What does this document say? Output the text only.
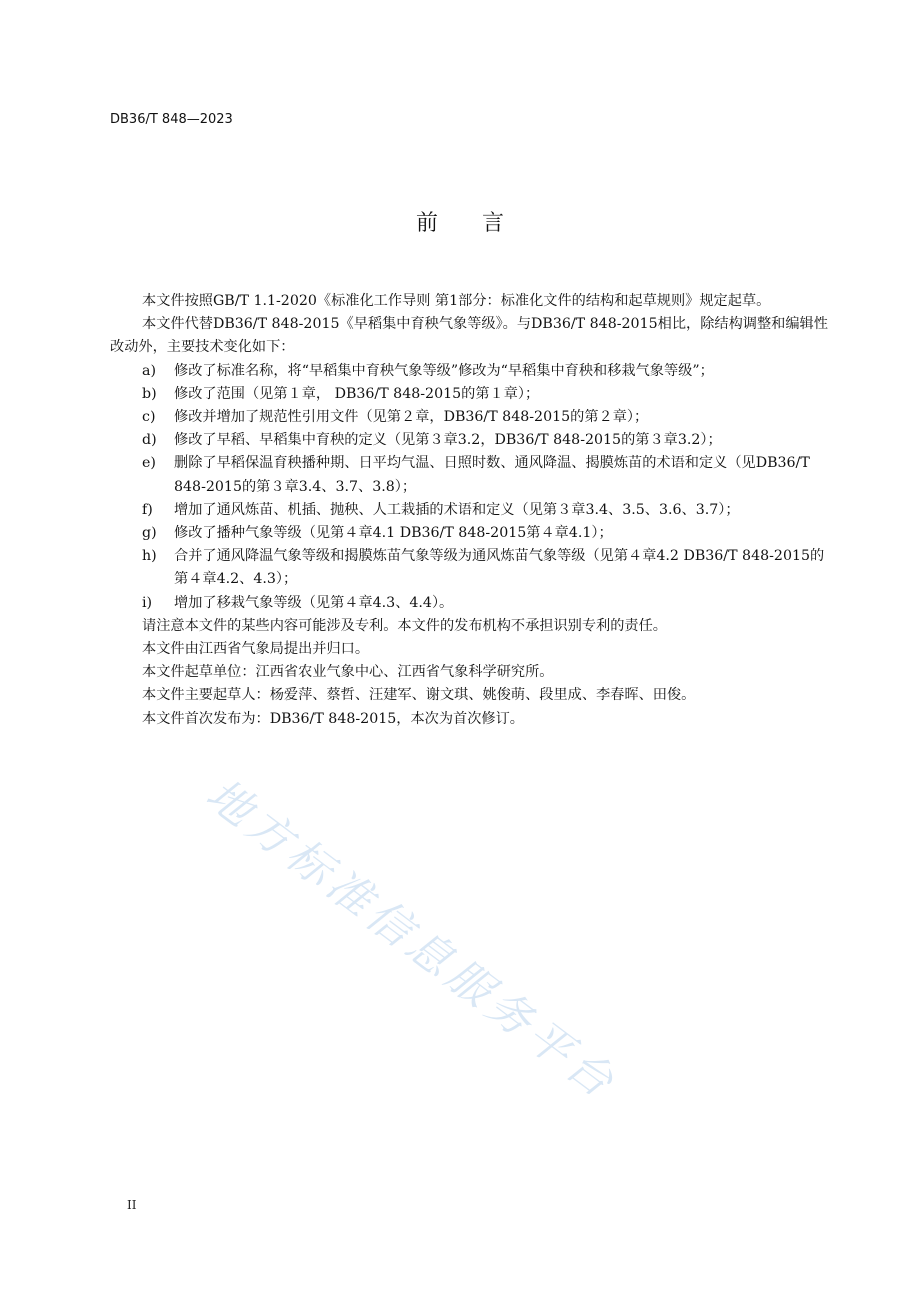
DB36/T 848—2023
前　　言

本文件按照GB/T 1.1-2020《标准化工作导则 第1部分：标准化文件的结构和起草规则》规定起草。

本文件代替DB36/T 848-2015《早稻集中育秧气象等级》。与DB36/T 848-2015相比，除结构调整和编辑性改动外，主要技术变化如下：

a)	修改了标准名称，将“早稻集中育秧气象等级”修改为“早稻集中育秧和移栽气象等级”；
b)	修改了范围（见第１章， DB36/T 848-2015的第１章）；
c)	修改并增加了规范性引用文件（见第２章，DB36/T 848-2015的第２章）；
d)	修改了早稻、早稻集中育秧的定义（见第３章3.2，DB36/T 848-2015的第３章3.2）；
e)	删除了早稻保温育秧播种期、日平均气温、日照时数、通风降温、揭膜炼苗的术语和定义（见DB36/T 848-2015的第３章3.4、3.7、3.8）；
f)	增加了通风炼苗、机插、抛秧、人工栽插的术语和定义（见第３章3.4、3.5、3.6、3.7）；
g)	修改了播种气象等级（见第４章4.1 DB36/T 848-2015第４章4.1）；
h)	合并了通风降温气象等级和揭膜炼苗气象等级为通风炼苗气象等级（见第４章4.2 DB36/T 848-2015的第４章4.2、4.3）；
i)	增加了移栽气象等级（见第４章4.3、4.4）。

请注意本文件的某些内容可能涉及专利。本文件的发布机构不承担识别专利的责任。

本文件由江西省气象局提出并归口。

本文件起草单位：江西省农业气象中心、江西省气象科学研究所。

本文件主要起草人：杨爱萍、蔡哲、汪建军、谢文琪、姚俊萌、段里成、李春晖、田俊。

本文件首次发布为：DB36/T 848-2015，本次为首次修订。

地方标准信息服务平台
II
